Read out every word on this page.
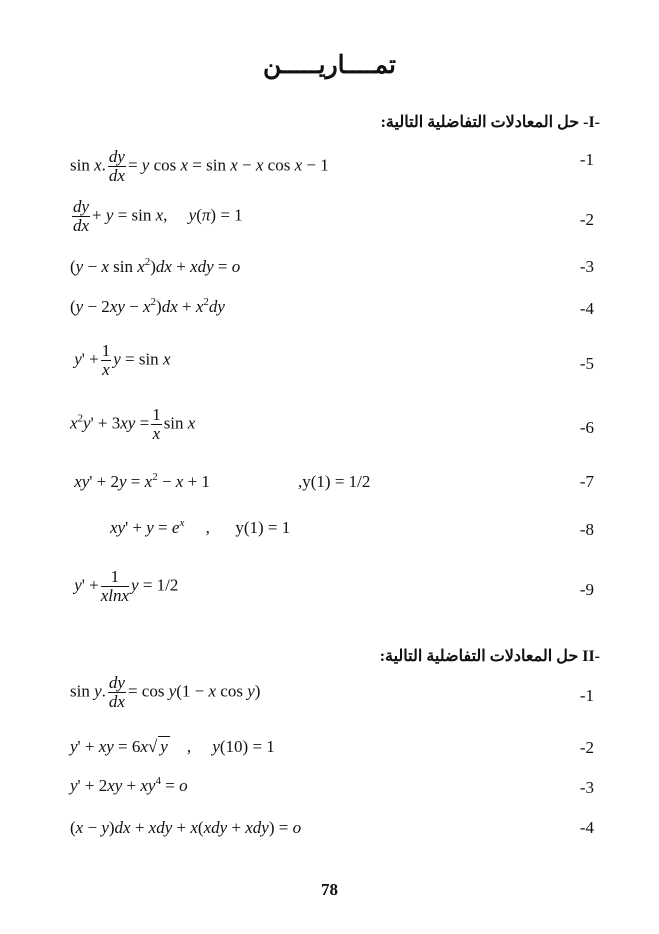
تمــــاريـــــن
-I- حل المعادلات التفاضلية التالية:
sin x. $\frac{dy}{dx} = y$ cos x = sin x − x cos x − 1	-1
$\frac{dy}{dx} + y = \sin x$,     y(π) = 1	-2
(y − x $\sin x^2)dx$ + xdy = o	-3
$(y - 2xy - x^2)dx + x^2dy$	-4
$y' + \frac{1}{x}$ y = sin x	-5
$x^2y' + 3xy = \frac{1}{x}$ sin x	-6
$xy' + 2y = x^2 - x + 1$	,y(1) = 1/2	-7
$xy' + y = e^x$     ,      y(1) = 1	-8
$y' + \frac{1}{xlnx}$ y = 1/2	-9
-II حل المعادلات التفاضلية التالية:
sin y. $\frac{dy}{dx} = \cos y(1 - x$ cos y)	-1
y' + xy = 6x√ y    ,     y(10) = 1	-2
$y' + 2xy + xy^4 = o$	-3
(x − y)dx + xdy + x(xdy + xdy) = o	-4
78
